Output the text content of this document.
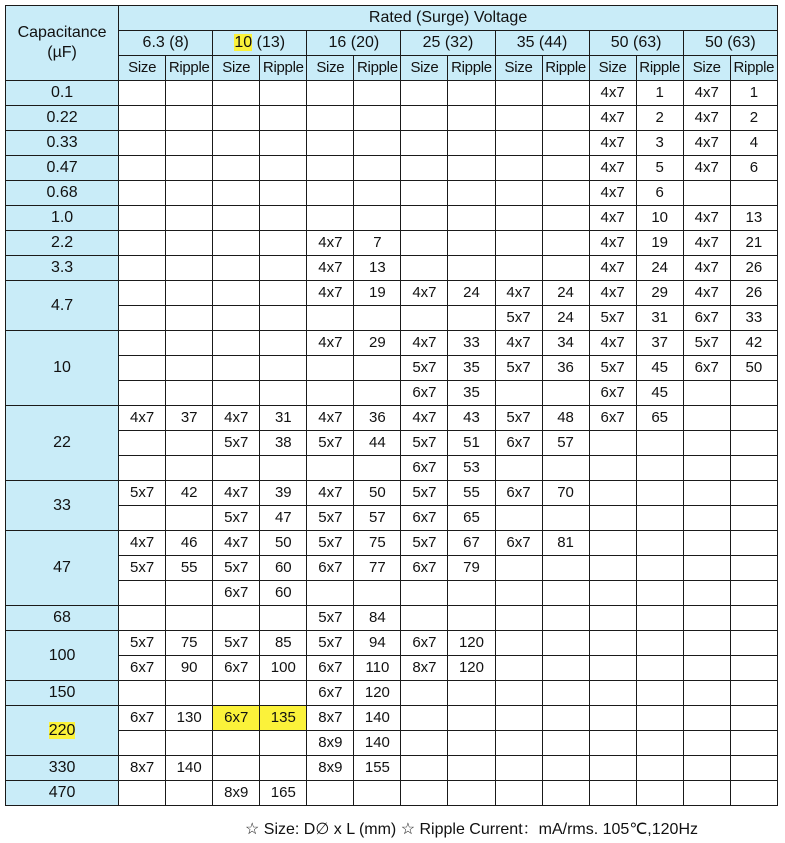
Capacitance
(µF)	Rated (Surge) Voltage													
	6.3 (8)		10 (13)		16 (20)		25 (32)		35 (44)		50 (63)		50 (63)	
	Size	Ripple	Size	Ripple	Size	Ripple	Size	Ripple	Size	Ripple	Size	Ripple	Size	Ripple
0.1											4x7	1	4x7	1
0.22											4x7	2	4x7	2
0.33											4x7	3	4x7	4
0.47											4x7	5	4x7	6
0.68											4x7	6		
1.0											4x7	10	4x7	13
2.2					4x7	7					4x7	19	4x7	21
3.3					4x7	13					4x7	24	4x7	26
4.7					4x7	19	4x7	24	4x7	24	4x7	29	4x7	26
									5x7	24	5x7	31	6x7	33
10					4x7	29	4x7	33	4x7	34	4x7	37	5x7	42
							5x7	35	5x7	36	5x7	45	6x7	50
							6x7	35			6x7	45		
22	4x7	37	4x7	31	4x7	36	4x7	43	5x7	48	6x7	65		
			5x7	38	5x7	44	5x7	51	6x7	57				
							6x7	53						
33	5x7	42	4x7	39	4x7	50	5x7	55	6x7	70				
			5x7	47	5x7	57	6x7	65						
47	4x7	46	4x7	50	5x7	75	5x7	67	6x7	81				
	5x7	55	5x7	60	6x7	77	6x7	79						
			6x7	60										
68					5x7	84								
100	5x7	75	5x7	85	5x7	94	6x7	120						
	6x7	90	6x7	100	6x7	110	8x7	120						
150					6x7	120								
220	6x7	130	6x7	135	8x7	140								
					8x9	140								
330	8x7	140			8x9	155								
470			8x9	165										
☆ Size: D∅ x L (mm) ☆ Ripple Current：mA/rms. 105℃,120Hz
